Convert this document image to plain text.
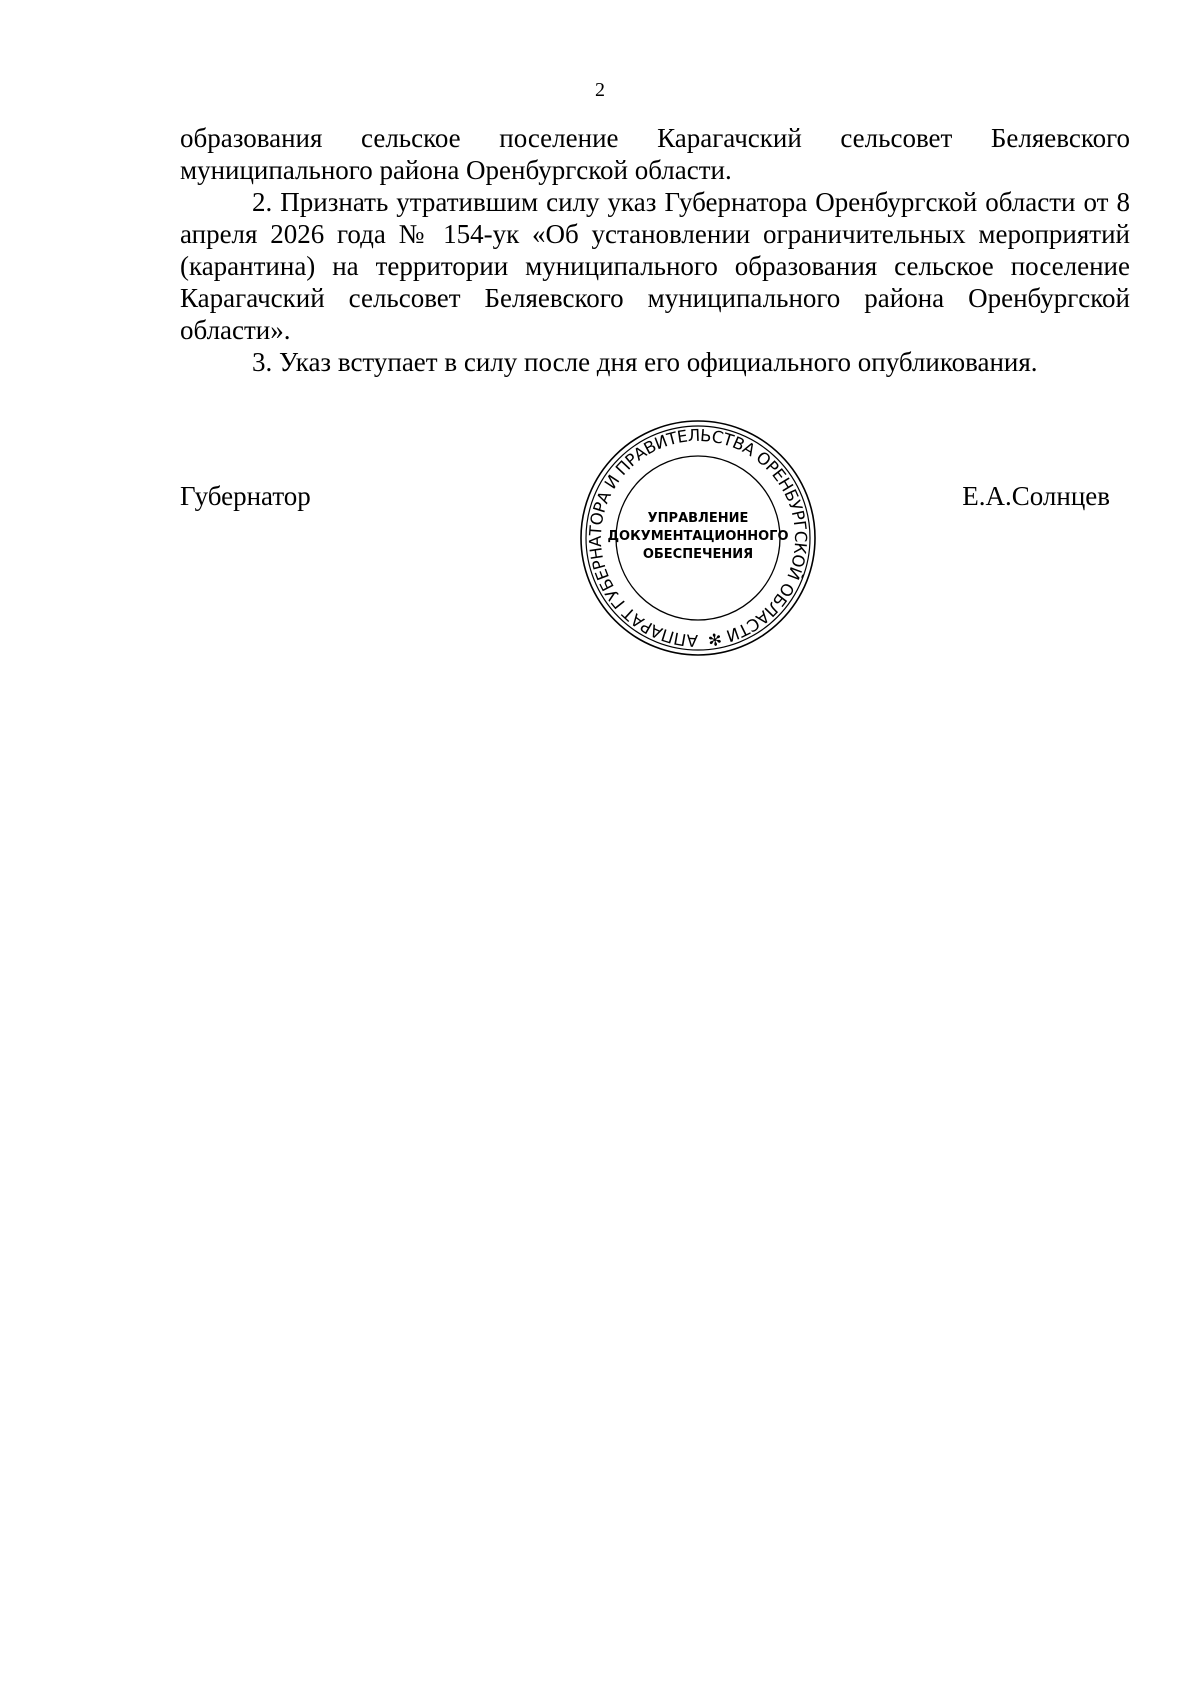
2

образования сельское поселение Карагачский сельсовет Беляевского муниципального района Оренбургской области.

2. Признать утратившим силу указ Губернатора Оренбургской области от 8 апреля 2026 года № 154-ук «Об установлении ограничительных мероприятий (карантина) на территории муниципального образования сельское поселение Карагачский сельсовет Беляевского муниципального района Оренбургской области».

3. Указ вступает в силу после дня его официального опубликования.

Губернатор	Е.А.Солнцев
АППАРАТ ГУБЕРНАТОРА И ПРАВИТЕЛЬСТВА ОРЕНБУРГСКОЙ ОБЛАСТИ ✻
УПРАВЛЕНИЕ
ДОКУМЕНТАЦИОННОГО
ОБЕСПЕЧЕНИЯ
